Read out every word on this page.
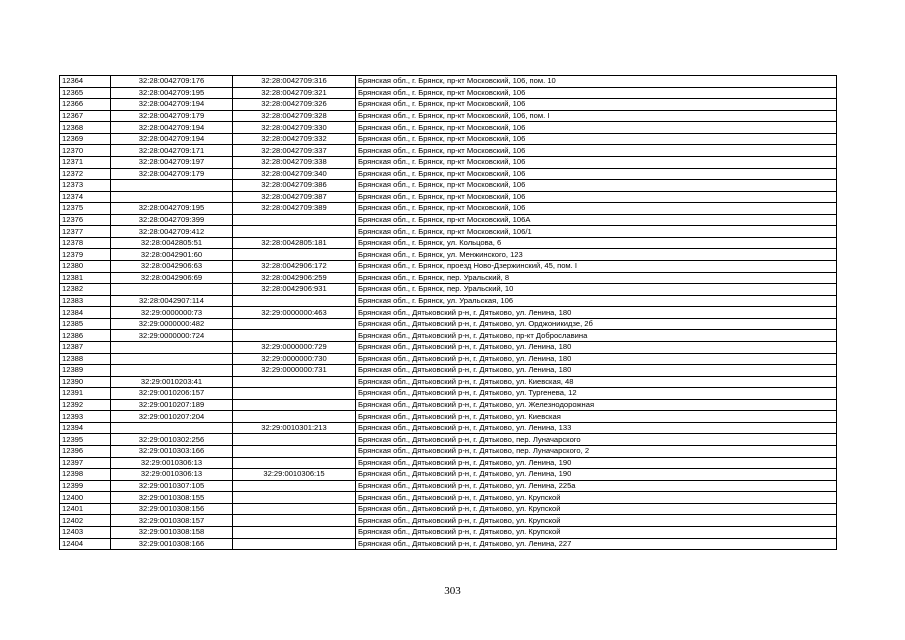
12364	32:28:0042709:176	32:28:0042709:316	Брянская обл., г. Брянск, пр-кт Московский, 106, пом. 10
12365	32:28:0042709:195	32:28:0042709:321	Брянская обл., г. Брянск, пр-кт Московский, 106
12366	32:28:0042709:194	32:28:0042709:326	Брянская обл., г. Брянск, пр-кт Московский, 106
12367	32:28:0042709:179	32:28:0042709:328	Брянская обл., г. Брянск, пр-кт Московский, 106, пом. I
12368	32:28:0042709:194	32:28:0042709:330	Брянская обл., г. Брянск, пр-кт Московский, 106
12369	32:28:0042709:194	32:28:0042709:332	Брянская обл., г. Брянск, пр-кт Московский, 106
12370	32:28:0042709:171	32:28:0042709:337	Брянская обл., г. Брянск, пр-кт Московский, 106
12371	32:28:0042709:197	32:28:0042709:338	Брянская обл., г. Брянск, пр-кт Московский, 106
12372	32:28:0042709:179	32:28:0042709:340	Брянская обл., г. Брянск, пр-кт Московский, 106
12373		32:28:0042709:386	Брянская обл., г. Брянск, пр-кт Московский, 106
12374		32:28:0042709:387	Брянская обл., г. Брянск, пр-кт Московский, 106
12375	32:28:0042709:195	32:28:0042709:389	Брянская обл., г. Брянск, пр-кт Московский, 106
12376	32:28:0042709:399		Брянская обл., г. Брянск, пр-кт Московский, 106А
12377	32:28:0042709:412		Брянская обл., г. Брянск, пр-кт Московский, 106/1
12378	32:28:0042805:51	32:28:0042805:181	Брянская обл., г. Брянск, ул. Кольцова, 6
12379	32:28:0042901:60		Брянская обл., г. Брянск, ул. Менжинского, 123
12380	32:28:0042906:63	32:28:0042906:172	Брянская обл., г. Брянск, проезд Ново-Дзержинский, 45, пом. I
12381	32:28:0042906:69	32:28:0042906:259	Брянская обл., г. Брянск, пер. Уральский, 8
12382		32:28:0042906:931	Брянская обл., г. Брянск, пер. Уральский, 10
12383	32:28:0042907:114		Брянская обл., г. Брянск, ул. Уральская, 106
12384	32:29:0000000:73	32:29:0000000:463	Брянская обл., Дятьковский р-н, г. Дятьково, ул. Ленина, 180
12385	32:29:0000000:482		Брянская обл., Дятьковский р-н, г. Дятьково, ул. Орджоникидзе, 2б
12386	32:29:0000000:724		Брянская обл., Дятьковский р-н, г. Дятьково, пр-кт Доброславина
12387		32:29:0000000:729	Брянская обл., Дятьковский р-н, г. Дятьково, ул. Ленина, 180
12388		32:29:0000000:730	Брянская обл., Дятьковский р-н, г. Дятьково, ул. Ленина, 180
12389		32:29:0000000:731	Брянская обл., Дятьковский р-н, г. Дятьково, ул. Ленина, 180
12390	32:29:0010203:41		Брянская обл., Дятьковский р-н, г. Дятьково, ул. Киевская, 48
12391	32:29:0010206:157		Брянская обл., Дятьковский р-н, г. Дятьково, ул. Тургенева, 12
12392	32:29:0010207:189		Брянская обл., Дятьковский р-н, г. Дятьково, ул. Железнодорожная
12393	32:29:0010207:204		Брянская обл., Дятьковский р-н, г. Дятьково, ул. Киевская
12394		32:29:0010301:213	Брянская обл., Дятьковский р-н, г. Дятьково, ул. Ленина, 133
12395	32:29:0010302:256		Брянская обл., Дятьковский р-н, г. Дятьково, пер. Луначарского
12396	32:29:0010303:166		Брянская обл., Дятьковский р-н, г. Дятьково, пер. Луначарского, 2
12397	32:29:0010306:13		Брянская обл., Дятьковский р-н, г. Дятьково, ул. Ленина, 190
12398	32:29:0010306:13	32:29:0010306:15	Брянская обл., Дятьковский р-н, г. Дятьково, ул. Ленина, 190
12399	32:29:0010307:105		Брянская обл., Дятьковский р-н, г. Дятьково, ул. Ленина, 225а
12400	32:29:0010308:155		Брянская обл., Дятьковский р-н, г. Дятьково, ул. Крупской
12401	32:29:0010308:156		Брянская обл., Дятьковский р-н, г. Дятьково, ул. Крупской
12402	32:29:0010308:157		Брянская обл., Дятьковский р-н, г. Дятьково, ул. Крупской
12403	32:29:0010308:158		Брянская обл., Дятьковский р-н, г. Дятьково, ул. Крупской
12404	32:29:0010308:166		Брянская обл., Дятьковский р-н, г. Дятьково, ул. Ленина, 227
303
